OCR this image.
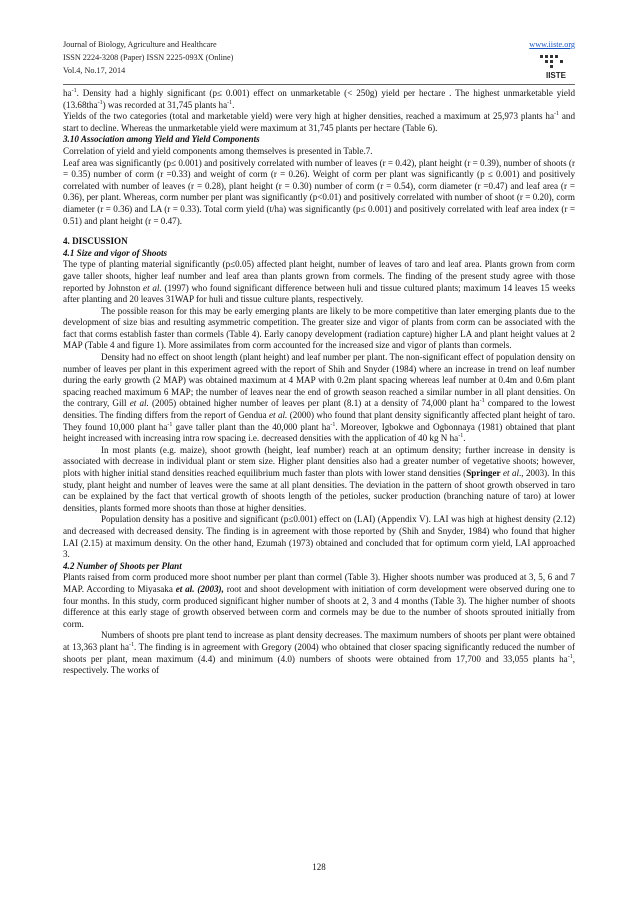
Journal of Biology, Agriculture and Healthcare
ISSN 2224-3208 (Paper) ISSN 2225-093X (Online)
Vol.4, No.17, 2014
www.iiste.org
IISTE

$ha^{-1}$. Density had a highly significant (p≤ 0.001) effect on unmarketable (< 250g) yield per hectare . The highest unmarketable yield (13.68tha$^{-1}$) was recorded at 31,745 plants $ha^{-1}$.

Yields of the two categories (total and marketable yield) were very high at higher densities, reached a maximum at 25,973 plants $ha^{-1}$ and start to decline. Whereas the unmarketable yield were maximum at 31,745 plants per hectare (Table 6).

3.10 Association among Yield and Yield Components

Correlation of yield and yield components among themselves is presented in Table.7.

Leaf area was significantly (p≤ 0.001) and positively correlated with number of leaves (r = 0.42), plant height (r = 0.39), number of shoots (r = 0.35) number of corm (r =0.33) and weight of corm (r = 0.26). Weight of corm per plant was significantly (p ≤ 0.001) and positively correlated with number of leaves (r = 0.28), plant height (r = 0.30) number of corm (r = 0.54), corm diameter (r =0.47) and leaf area (r = 0.36), per plant. Whereas, corm number per plant was significantly (p<0.01) and positively correlated with number of shoot (r = 0.20), corm diameter (r = 0.36) and LA (r = 0.33). Total corm yield (t/ha) was significantly (p≤ 0.001) and positively correlated with leaf area index (r = 0.51) and plant height (r = 0.47).

4. DISCUSSION
4.1 Size and vigor of Shoots

The type of planting material significantly (p≤0.05) affected plant height, number of leaves of taro and leaf area. Plants grown from corm gave taller shoots, higher leaf number and leaf area than plants grown from cormels. The finding of the present study agree with those reported by Johnston et al. (1997) who found significant difference between huli and tissue cultured plants; maximum 14 leaves 15 weeks after planting and 20 leaves 31WAP for huli and tissue culture plants, respectively.

The possible reason for this may be early emerging plants are likely to be more competitive than later emerging plants due to the development of size bias and resulting asymmetric competition. The greater size and vigor of plants from corm can be associated with the fact that corms establish faster than cormels (Table 4). Early canopy development (radiation capture) higher LA and plant height values at 2 MAP (Table 4 and figure 1). More assimilates from corm accounted for the increased size and vigor of plants than cormels.

Density had no effect on shoot length (plant height) and leaf number per plant. The non-significant effect of population density on number of leaves per plant in this experiment agreed with the report of Shih and Snyder (1984) where an increase in trend on leaf number during the early growth (2 MAP) was obtained maximum at 4 MAP with 0.2m plant spacing whereas leaf number at 0.4m and 0.6m plant spacing reached maximum 6 MAP; the number of leaves near the end of growth season reached a similar number in all plant densities. On the contrary, Gill et al. (2005) obtained higher number of leaves per plant (8.1) at a density of 74,000 plant $ha^{-1}$ compared to the lowest densities. The finding differs from the report of Gendua et al. (2000) who found that plant density significantly affected plant height of taro. They found 10,000 plant $ha^{-1}$ gave taller plant than the 40,000 plant $ha^{-1}$. Moreover, Igbokwe and Ogbonnaya (1981) obtained that plant height increased with increasing intra row spacing i.e. decreased densities with the application of 40 kg N $ha^{-1}$.

In most plants (e.g. maize), shoot growth (height, leaf number) reach at an optimum density; further increase in density is associated with decrease in individual plant or stem size. Higher plant densities also had a greater number of vegetative shoots; however, plots with higher initial stand densities reached equilibrium much faster than plots with lower stand densities (Springer et al., 2003). In this study, plant height and number of leaves were the same at all plant densities. The deviation in the pattern of shoot growth observed in taro can be explained by the fact that vertical growth of shoots length of the petioles, sucker production (branching nature of taro) at lower densities, plants formed more shoots than those at higher densities.

Population density has a positive and significant (p≤0.001) effect on (LAI) (Appendix V). LAI was high at highest density (2.12) and decreased with decreased density. The finding is in agreement with those reported by (Shih and Snyder, 1984) who found that higher LAI (2.15) at maximum density. On the other hand, Ezumah (1973) obtained and concluded that for optimum corm yield, LAI approached 3.

4.2 Number of Shoots per Plant

Plants raised from corm produced more shoot number per plant than cormel (Table 3). Higher shoots number was produced at 3, 5, 6 and 7 MAP. According to Miyasaka et al. (2003), root and shoot development with initiation of corm development were observed during one to four months. In this study, corm produced significant higher number of shoots at 2, 3 and 4 months (Table 3). The higher number of shoots difference at this early stage of growth observed between corm and cormels may be due to the number of shoots sprouted initially from corm.

Numbers of shoots pre plant tend to increase as plant density decreases. The maximum numbers of shoots per plant were obtained at 13,363 plant $ha^{-1}$. The finding is in agreement with Gregory (2004) who obtained that closer spacing significantly reduced the number of shoots per plant, mean maximum (4.4) and minimum (4.0) numbers of shoots were obtained from 17,700 and 33,055 plants $ha^{-1}$, respectively. The works of

128
